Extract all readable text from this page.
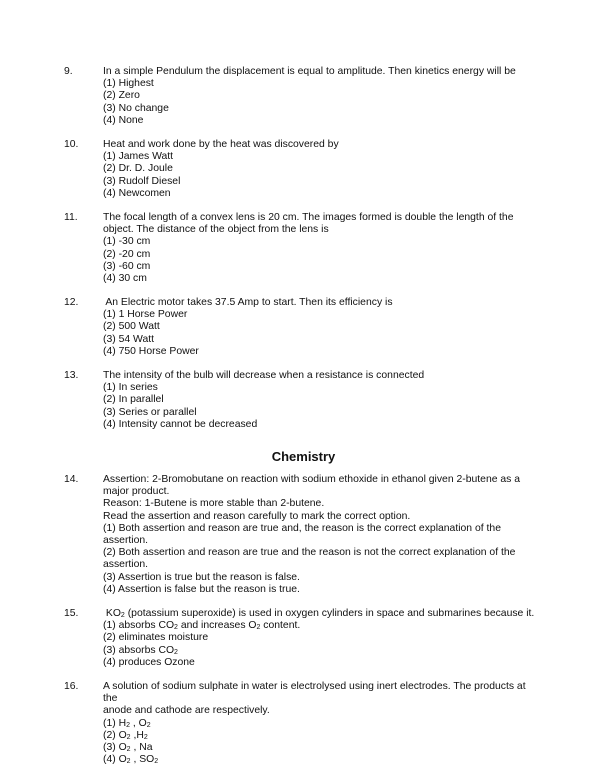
9.	In a simple Pendulum the displacement is equal to amplitude. Then kinetics energy will be
(1) Highest
(2) Zero
(3) No change
(4) None
10. Heat and work done by the heat was discovered by
(1) James Watt
(2) Dr. D. Joule
(3) Rudolf Diesel
(4) Newcomen
11. The focal length of a convex lens is 20 cm. The images formed is double the length of the
object. The distance of the object from the lens is
(1) -30 cm
(2) -20 cm
(3) -60 cm
(4) 30 cm
12. An Electric motor takes 37.5 Amp to start. Then its efficiency is
(1) 1 Horse Power
(2) 500 Watt
(3) 54 Watt
(4) 750 Horse Power
13. The intensity of the bulb will decrease when a resistance is connected
(1) In series
(2) In parallel
(3) Series or parallel
(4) Intensity cannot be decreased
Chemistry
14. Assertion: 2-Bromobutane on reaction with sodium ethoxide in ethanol given 2-butene as a
major product.
Reason: 1-Butene is more stable than 2-butene.
Read the assertion and reason carefully to mark the correct option.
(1) Both assertion and reason are true and, the reason is the correct explanation of the
assertion.
(2) Both assertion and reason are true and the reason is not the correct explanation of the
assertion.
(3) Assertion is true but the reason is false.
(4) Assertion is false but the reason is true.
15. $KO_2$ (potassium superoxide) is used in oxygen cylinders in space and submarines because it.
(1) absorbs $CO_2$ and increases $O_2$ content.
(2) eliminates moisture
(3) absorbs $CO_2$
(4) produces Ozone
16. A solution of sodium sulphate in water is electrolysed using inert electrodes. The products at
the
anode and cathode are respectively.
(1) $H_2$ , $O_2$
(2) $O_2$ $,H_2$
(3) $O_2$ , Na
(4) $O_2$ , $SO_2$
